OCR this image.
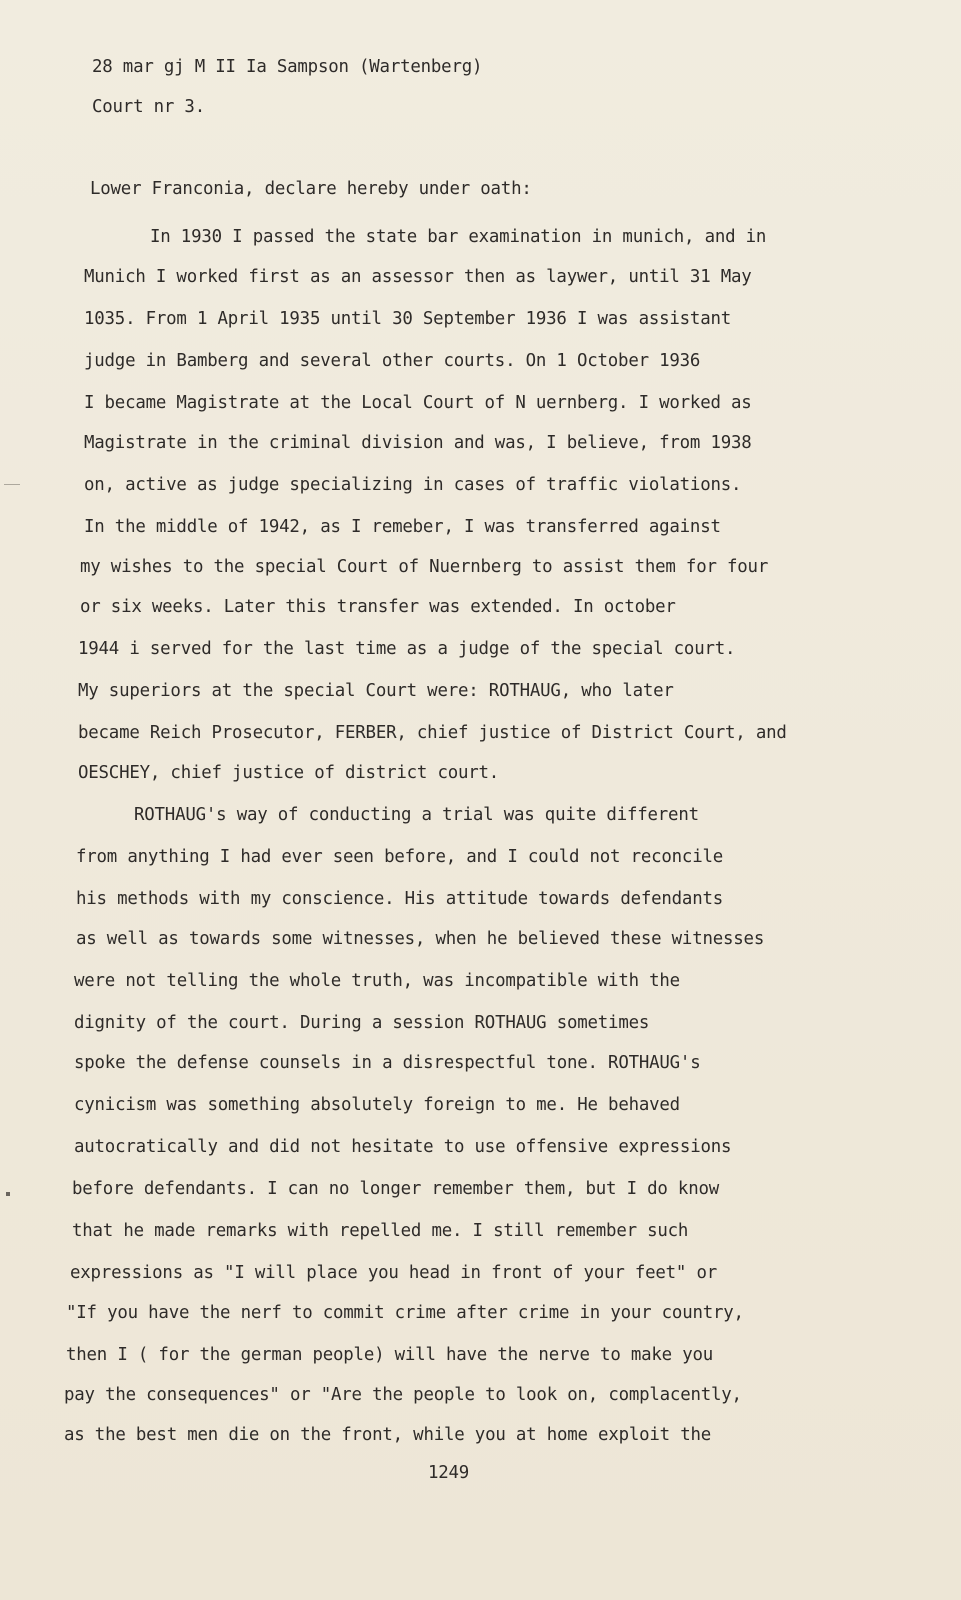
28 mar gj M II Ia Sampson (Wartenberg)
Court nr 3.
Lower Franconia, declare hereby under oath:
In 1930 I passed the state bar examination in munich, and in
Munich I worked first as an assessor then as laywer, until 31 May
1035. From 1 April 1935 until 30 September 1936 I was assistant
judge in Bamberg and several other courts. On 1 October 1936
I became Magistrate at the Local Court of N uernberg. I worked as
Magistrate in the criminal division and was, I believe, from 1938
on, active as judge specializing in cases of traffic violations.
In the middle of 1942, as I remeber, I was transferred against
my wishes to the special Court of Nuernberg to assist them for four
or six weeks. Later this transfer was extended. In october
1944 i served for the last time as a judge of the special court.
My superiors at the special Court were: ROTHAUG, who later
became Reich Prosecutor, FERBER, chief justice of District Court, and
OESCHEY, chief justice of district court.
ROTHAUG's way of conducting a trial was quite different
from anything I had ever seen before, and I could not reconcile
his methods with my conscience. His attitude towards defendants
as well as towards some witnesses, when he believed these witnesses
were not telling the whole truth, was incompatible with the
dignity of the court. During a session ROTHAUG sometimes
spoke the defense counsels in a disrespectful tone. ROTHAUG's
cynicism was something absolutely foreign to me. He behaved
autocratically and did not hesitate to use offensive expressions
before defendants. I can no longer remember them, but I do know
that he made remarks with repelled me. I still remember such
expressions as "I will place you head in front of your feet" or
"If you have the nerf to commit crime after crime in your country,
then I ( for the german people) will have the nerve to make you
pay the consequences" or "Are the people to look on, complacently,
as the best men die on the front, while you at home exploit the
1249
